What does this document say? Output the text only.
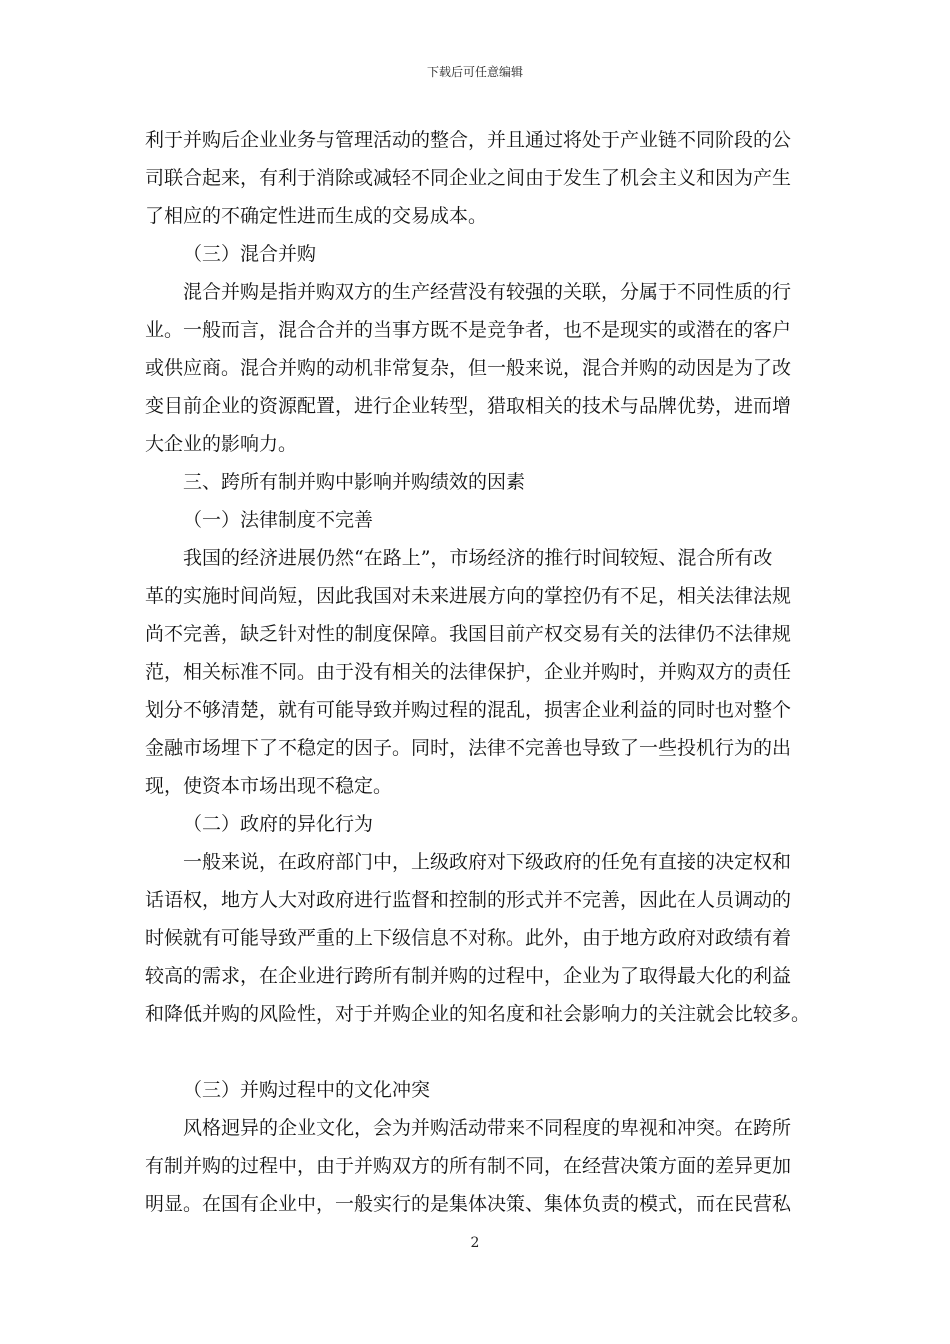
下载后可任意编辑
利于并购后企业业务与管理活动的整合，并且通过将处于产业链不同阶段的公
司联合起来，有利于消除或减轻不同企业之间由于发生了机会主义和因为产生
了相应的不确定性进而生成的交易成本。
（三）混合并购
混合并购是指并购双方的生产经营没有较强的关联，分属于不同性质的行
业。一般而言，混合合并的当事方既不是竞争者，也不是现实的或潜在的客户
或供应商。混合并购的动机非常复杂，但一般来说，混合并购的动因是为了改
变目前企业的资源配置，进行企业转型，猎取相关的技术与品牌优势，进而增
大企业的影响力。
三、跨所有制并购中影响并购绩效的因素
（一）法律制度不完善
我国的经济进展仍然“在路上”，市场经济的推行时间较短、混合所有改
革的实施时间尚短，因此我国对未来进展方向的掌控仍有不足，相关法律法规
尚不完善，缺乏针对性的制度保障。我国目前产权交易有关的法律仍不法律规
范，相关标准不同。由于没有相关的法律保护，企业并购时，并购双方的责任
划分不够清楚，就有可能导致并购过程的混乱，损害企业利益的同时也对整个
金融市场埋下了不稳定的因子。同时，法律不完善也导致了一些投机行为的出
现，使资本市场出现不稳定。
（二）政府的异化行为
一般来说，在政府部门中，上级政府对下级政府的任免有直接的决定权和
话语权，地方人大对政府进行监督和控制的形式并不完善，因此在人员调动的
时候就有可能导致严重的上下级信息不对称。此外，由于地方政府对政绩有着
较高的需求，在企业进行跨所有制并购的过程中，企业为了取得最大化的利益
和降低并购的风险性，对于并购企业的知名度和社会影响力的关注就会比较多。
（三）并购过程中的文化冲突
风格迥异的企业文化，会为并购活动带来不同程度的卑视和冲突。在跨所
有制并购的过程中，由于并购双方的所有制不同，在经营决策方面的差异更加
明显。在国有企业中，一般实行的是集体决策、集体负责的模式，而在民营私
2
